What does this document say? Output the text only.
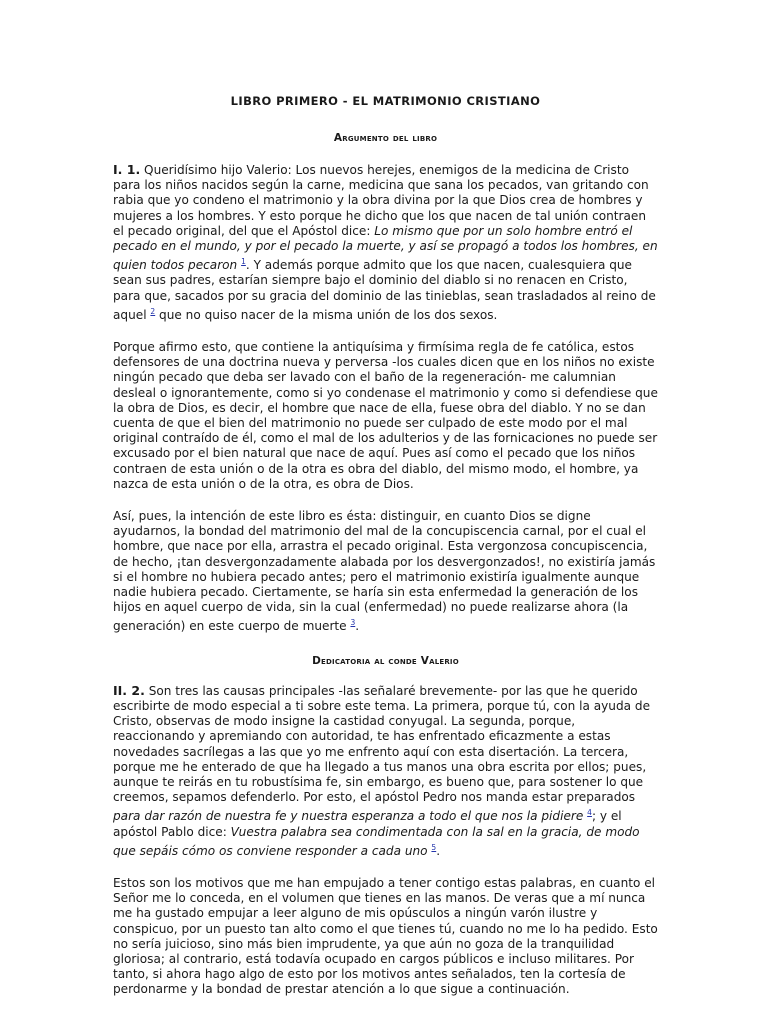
LIBRO PRIMERO - EL MATRIMONIO CRISTIANO
Argumento del libro

I. 1. Queridísimo hijo Valerio: Los nuevos herejes, enemigos de la medicina de Cristo para los niños nacidos según la carne, medicina que sana los pecados, van gritando con rabia que yo condeno el matrimonio y la obra divina por la que Dios crea de hombres y mujeres a los hombres. Y esto porque he dicho que los que nacen de tal unión contraen el pecado original, del que el Apóstol dice: Lo mismo que por un solo hombre entró el pecado en el mundo, y por el pecado la muerte, y así se propagó a todos los hombres, en quien todos pecaron $^1$. Y además porque admito que los que nacen, cualesquiera que sean sus padres, estarían siempre bajo el dominio del diablo si no renacen en Cristo, para que, sacados por su gracia del dominio de las tinieblas, sean trasladados al reino de aquel $^2$ que no quiso nacer de la misma unión de los dos sexos.

Porque afirmo esto, que contiene la antiquísima y firmísima regla de fe católica, estos defensores de una doctrina nueva y perversa -los cuales dicen que en los niños no existe ningún pecado que deba ser lavado con el baño de la regeneración- me calumnian desleal o ignorantemente, como si yo condenase el matrimonio y como si defendiese que la obra de Dios, es decir, el hombre que nace de ella, fuese obra del diablo. Y no se dan cuenta de que el bien del matrimonio no puede ser culpado de este modo por el mal original contraído de él, como el mal de los adulterios y de las fornicaciones no puede ser excusado por el bien natural que nace de aquí. Pues así como el pecado que los niños contraen de esta unión o de la otra es obra del diablo, del mismo modo, el hombre, ya nazca de esta unión o de la otra, es obra de Dios.

Así, pues, la intención de este libro es ésta: distinguir, en cuanto Dios se digne ayudarnos, la bondad del matrimonio del mal de la concupiscencia carnal, por el cual el hombre, que nace por ella, arrastra el pecado original. Esta vergonzosa concupiscencia, de hecho, ¡tan desvergonzadamente alabada por los desvergonzados!, no existiría jamás si el hombre no hubiera pecado antes; pero el matrimonio existiría igualmente aunque nadie hubiera pecado. Ciertamente, se haría sin esta enfermedad la generación de los hijos en aquel cuerpo de vida, sin la cual (enfermedad) no puede realizarse ahora (la generación) en este cuerpo de muerte $^3$.

Dedicatoria al conde Valerio

II. 2. Son tres las causas principales -las señalaré brevemente- por las que he querido escribirte de modo especial a ti sobre este tema. La primera, porque tú, con la ayuda de Cristo, observas de modo insigne la castidad conyugal. La segunda, porque, reaccionando y apremiando con autoridad, te has enfrentado eficazmente a estas novedades sacrílegas a las que yo me enfrento aquí con esta disertación. La tercera, porque me he enterado de que ha llegado a tus manos una obra escrita por ellos; pues, aunque te reirás en tu robustísima fe, sin embargo, es bueno que, para sostener lo que creemos, sepamos defenderlo. Por esto, el apóstol Pedro nos manda estar preparados para dar razón de nuestra fe y nuestra esperanza a todo el que nos la pidiere $^4$; y el apóstol Pablo dice: Vuestra palabra sea condimentada con la sal en la gracia, de modo que sepáis cómo os conviene responder a cada uno $^5$.

Estos son los motivos que me han empujado a tener contigo estas palabras, en cuanto el Señor me lo conceda, en el volumen que tienes en las manos. De veras que a mí nunca me ha gustado empujar a leer alguno de mis opúsculos a ningún varón ilustre y conspicuo, por un puesto tan alto como el que tienes tú, cuando no me lo ha pedido. Esto no sería juicioso, sino más bien imprudente, ya que aún no goza de la tranquilidad gloriosa; al contrario, está todavía ocupado en cargos públicos e incluso militares. Por tanto, si ahora hago algo de esto por los motivos antes señalados, ten la cortesía de perdonarme y la bondad de prestar atención a lo que sigue a continuación.
